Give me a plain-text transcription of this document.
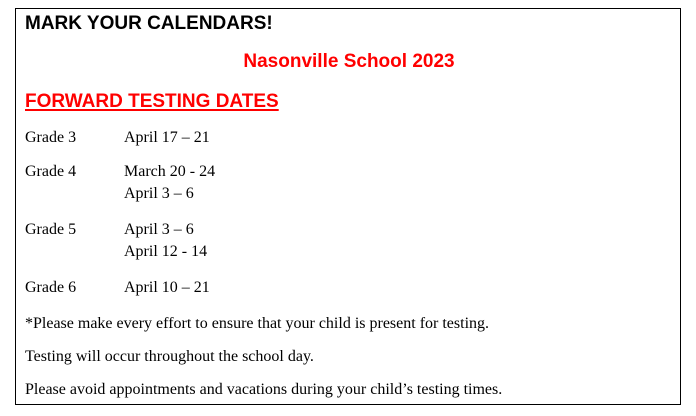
MARK YOUR CALENDARS!
Nasonville School 2023
FORWARD TESTING DATES
Grade 3	April 17 – 21
Grade 4	March 20 - 24
April 3 – 6
Grade 5	April 3 – 6
April 12 - 14
Grade 6	April 10 – 21
*Please make every effort to ensure that your child is present for testing.
Testing will occur throughout the school day.
Please avoid appointments and vacations during your child’s testing times.
